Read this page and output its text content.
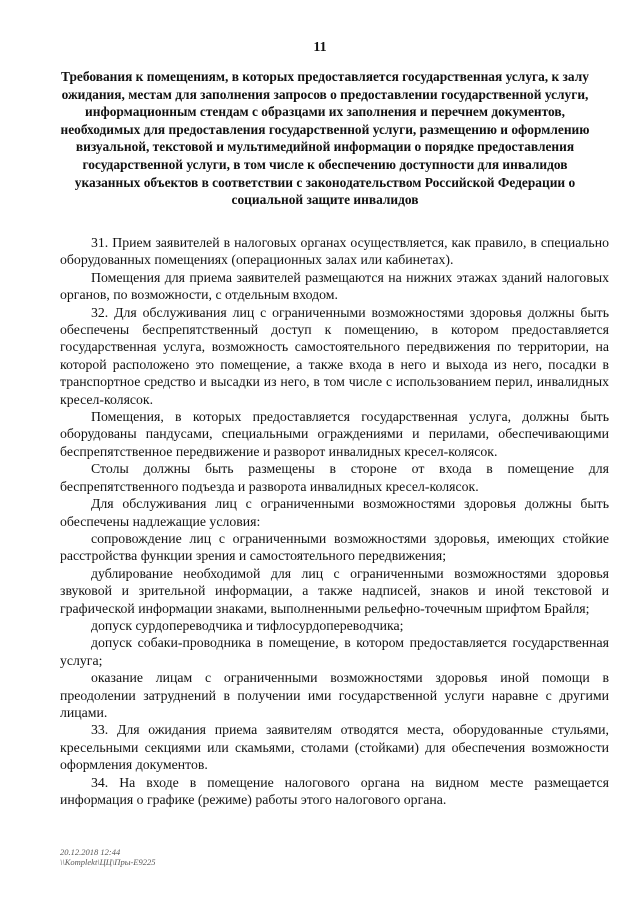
11
Требования к помещениям, в которых предоставляется государственная услуга, к залу ожидания, местам для заполнения запросов о предоставлении государственной услуги, информационным стендам с образцами их заполнения и перечнем документов, необходимых для предоставления государственной услуги, размещению и оформлению визуальной, текстовой и мультимедийной информации о порядке предоставления государственной услуги, в том числе к обеспечению доступности для инвалидов указанных объектов в соответствии с законодательством Российской Федерации о социальной защите инвалидов

31. Прием заявителей в налоговых органах осуществляется, как правило, в специально оборудованных помещениях (операционных залах или кабинетах).

Помещения для приема заявителей размещаются на нижних этажах зданий налоговых органов, по возможности, с отдельным входом.

32. Для обслуживания лиц с ограниченными возможностями здоровья должны быть обеспечены беспрепятственный доступ к помещению, в котором предоставляется государственная услуга, возможность самостоятельного передвижения по территории, на которой расположено это помещение, а также входа в него и выхода из него, посадки в транспортное средство и высадки из него, в том числе с использованием перил, инвалидных кресел-колясок.

Помещения, в которых предоставляется государственная услуга, должны быть оборудованы пандусами, специальными ограждениями и перилами, обеспечивающими беспрепятственное передвижение и разворот инвалидных кресел-колясок.

Столы должны быть размещены в стороне от входа в помещение для беспрепятственного подъезда и разворота инвалидных кресел-колясок.

Для обслуживания лиц с ограниченными возможностями здоровья должны быть обеспечены надлежащие условия:

сопровождение лиц с ограниченными возможностями здоровья, имеющих стойкие расстройства функции зрения и самостоятельного передвижения;

дублирование необходимой для лиц с ограниченными возможностями здоровья звуковой и зрительной информации, а также надписей, знаков и иной текстовой и графической информации знаками, выполненными рельефно-точечным шрифтом Брайля;

допуск сурдопереводчика и тифлосурдопереводчика;

допуск собаки-проводника в помещение, в котором предоставляется государственная услуга;

оказание лицам с ограниченными возможностями здоровья иной помощи в преодолении затруднений в получении ими государственной услуги наравне с другими лицами.

33. Для ожидания приема заявителям отводятся места, оборудованные стульями, кресельными секциями или скамьями, столами (стойками) для обеспечения возможности оформления документов.

34. На входе в помещение налогового органа на видном месте размещается информация о графике (режиме) работы этого налогового органа.

20.12.2018 12:44
\\Komplekt\ЦЦ\Пры-Е9225
